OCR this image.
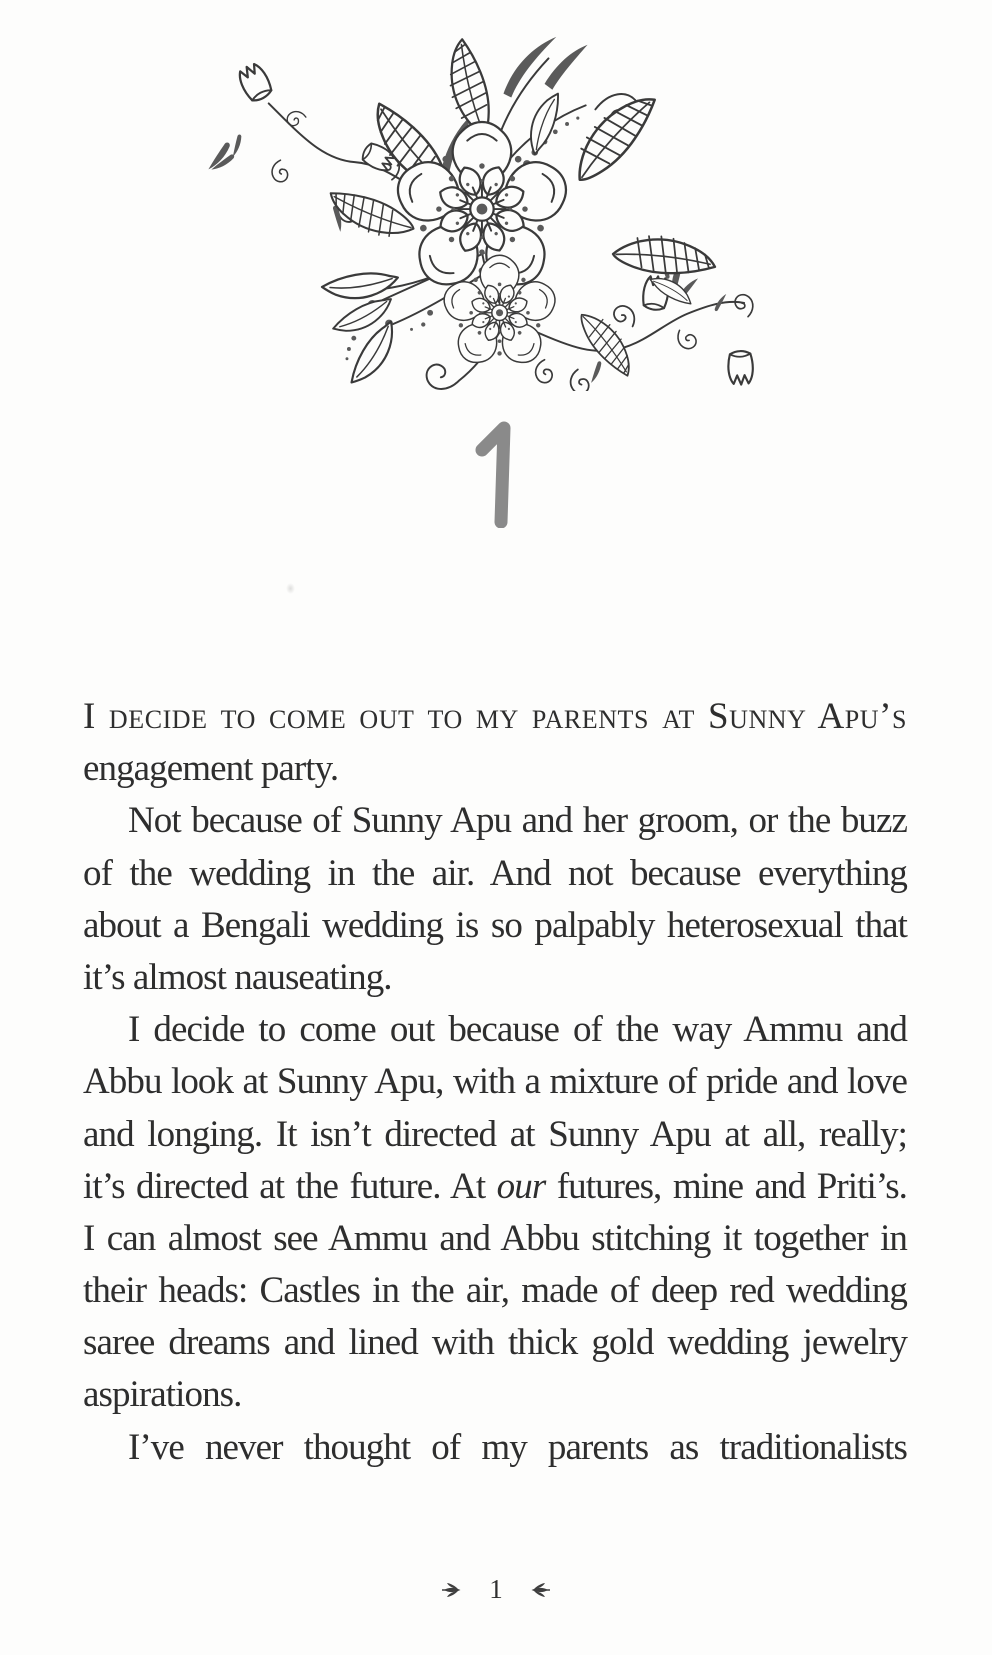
I decide to come out to my parents at Sunny Apu’s
engagement party.
Not because of Sunny Apu and her groom, or the buzz
of the wedding in the air. And not because everything
about a Bengali wedding is so palpably heterosexual that
it’s almost nauseating.
I decide to come out because of the way Ammu and
Abbu look at Sunny Apu, with a mixture of pride and love
and longing. It isn’t directed at Sunny Apu at all, really;
it’s directed at the future. At our futures, mine and Priti’s.
I can almost see Ammu and Abbu stitching it together in
their heads: Castles in the air, made of deep red wedding
saree dreams and lined with thick gold wedding jewelry
aspirations.
I’ve never thought of my parents as traditionalists
1
